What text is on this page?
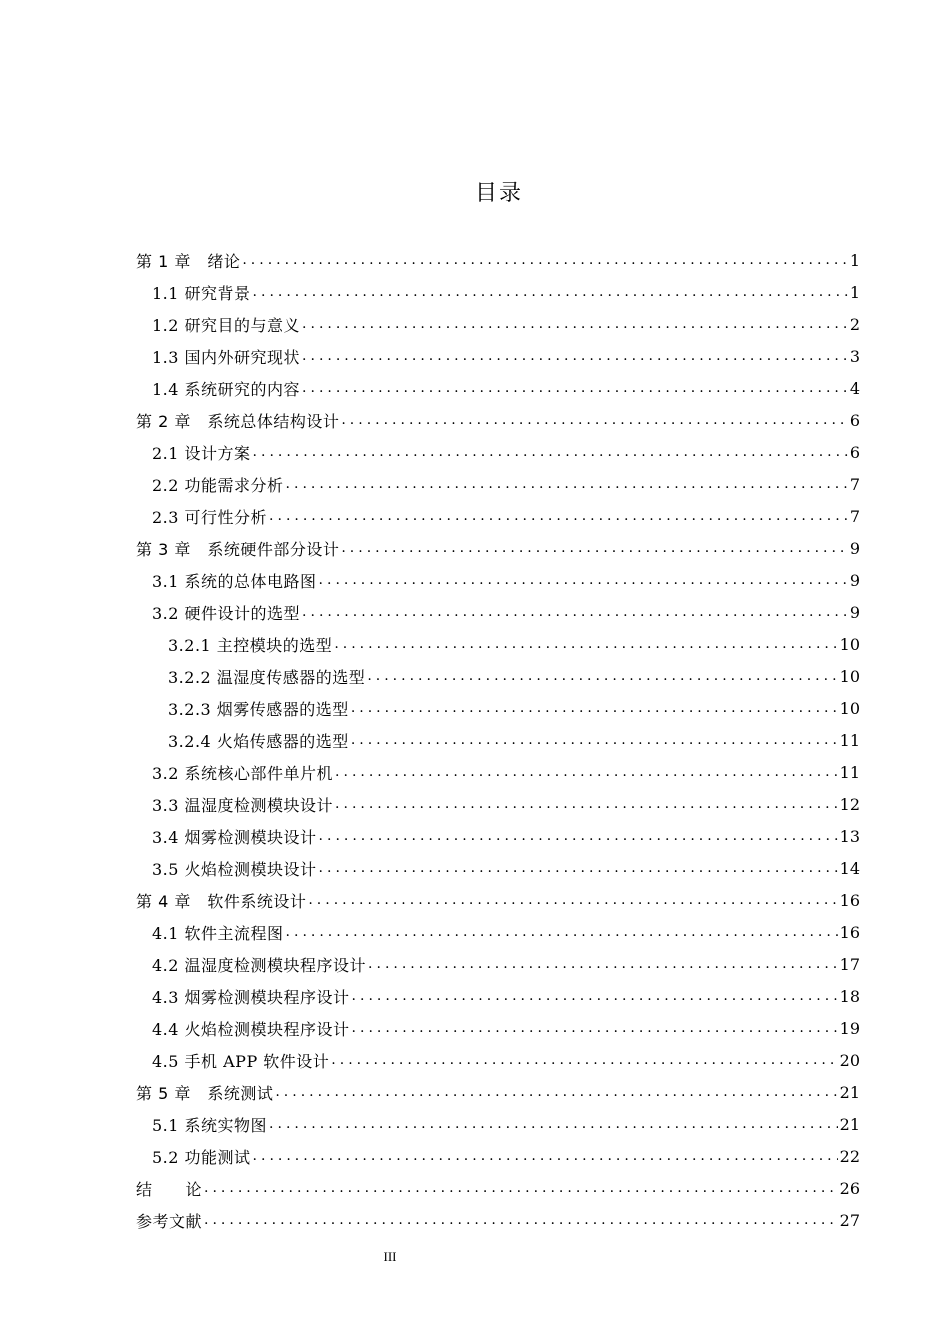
目录
第 1 章　绪论 .....	1
1.1 研究背景 .....	1
1.2 研究目的与意义 .....	2
1.3 国内外研究现状 .....	3
1.4 系统研究的内容 .....	4
第 2 章　系统总体结构设计 .....	6
2.1 设计方案 .....	6
2.2 功能需求分析 .....	7
2.3 可行性分析 .....	7
第 3 章　系统硬件部分设计 .....	9
3.1 系统的总体电路图 .....	9
3.2 硬件设计的选型 .....	9
3.2.1 主控模块的选型 .....	10
3.2.2 温湿度传感器的选型 .....	10
3.2.3 烟雾传感器的选型 .....	10
3.2.4 火焰传感器的选型 .....	11
3.2 系统核心部件单片机 .....	11
3.3 温湿度检测模块设计 .....	12
3.4 烟雾检测模块设计 .....	13
3.5 火焰检测模块设计 .....	14
第 4 章　软件系统设计 .....	16
4.1 软件主流程图 .....	16
4.2 温湿度检测模块程序设计 .....	17
4.3 烟雾检测模块程序设计 .....	18
4.4 火焰检测模块程序设计 .....	19
4.5 手机 APP 软件设计 .....	20
第 5 章　系统测试 .....	21
5.1 系统实物图 .....	21
5.2 功能测试 .....	22
结　　论 .....	26
参考文献 .....	27
III
